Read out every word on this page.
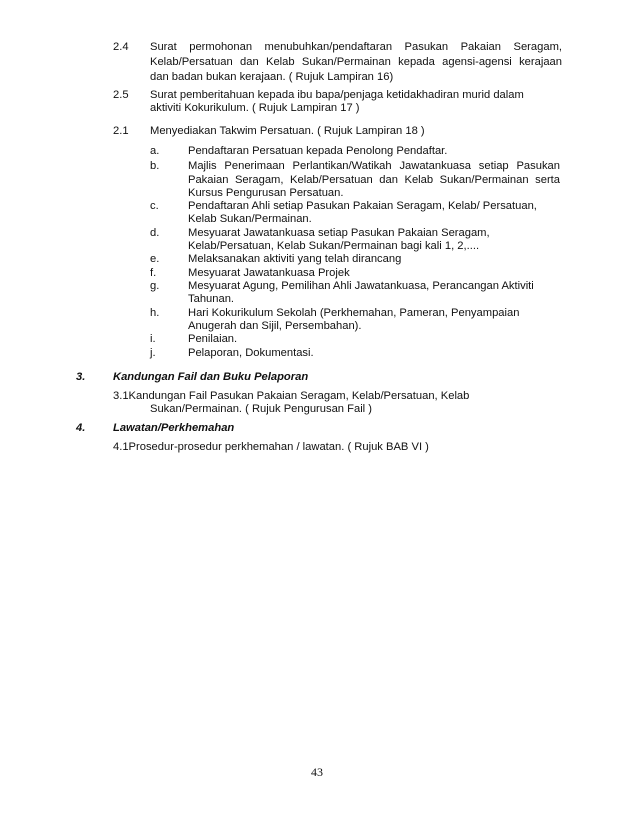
2.4 Surat permohonan menubuhkan/pendaftaran Pasukan Pakaian Seragam,
Kelab/Persatuan dan Kelab Sukan/Permainan kepada agensi-agensi kerajaan
dan badan bukan kerajaan. ( Rujuk Lampiran 16)
2.5 Surat pemberitahuan kepada ibu bapa/penjaga ketidakhadiran murid dalam
aktiviti Kokurikulum. ( Rujuk Lampiran 17 )
2.1 Menyediakan Takwim Persatuan. ( Rujuk Lampiran 18 )
a.	Pendaftaran Persatuan kepada Penolong Pendaftar.
b.	Majlis Penerimaan Perlantikan/Watikah Jawatankuasa setiap Pasukan
Pakaian Seragam, Kelab/Persatuan dan Kelab Sukan/Permainan serta
Kursus Pengurusan Persatuan.
c.	Pendaftaran Ahli setiap Pasukan Pakaian Seragam, Kelab/ Persatuan,
Kelab Sukan/Permainan.
d.	Mesyuarat Jawatankuasa setiap Pasukan Pakaian Seragam,
Kelab/Persatuan, Kelab Sukan/Permainan bagi kali 1, 2,....
e.	Melaksanakan aktiviti yang telah dirancang
f.	Mesyuarat Jawatankuasa Projek
g.	Mesyuarat Agung, Pemilihan Ahli Jawatankuasa, Perancangan Aktiviti
Tahunan.
h.	Hari Kokurikulum Sekolah (Perkhemahan, Pameran, Penyampaian
Anugerah dan Sijil, Persembahan).
i.	Penilaian.
j.	Pelaporan, Dokumentasi.
3. Kandungan Fail dan Buku Pelaporan
3.1Kandungan Fail Pasukan Pakaian Seragam, Kelab/Persatuan, Kelab
Sukan/Permainan. ( Rujuk Pengurusan Fail )
4. Lawatan/Perkhemahan
4.1Prosedur-prosedur perkhemahan / lawatan. ( Rujuk BAB VI )
43
